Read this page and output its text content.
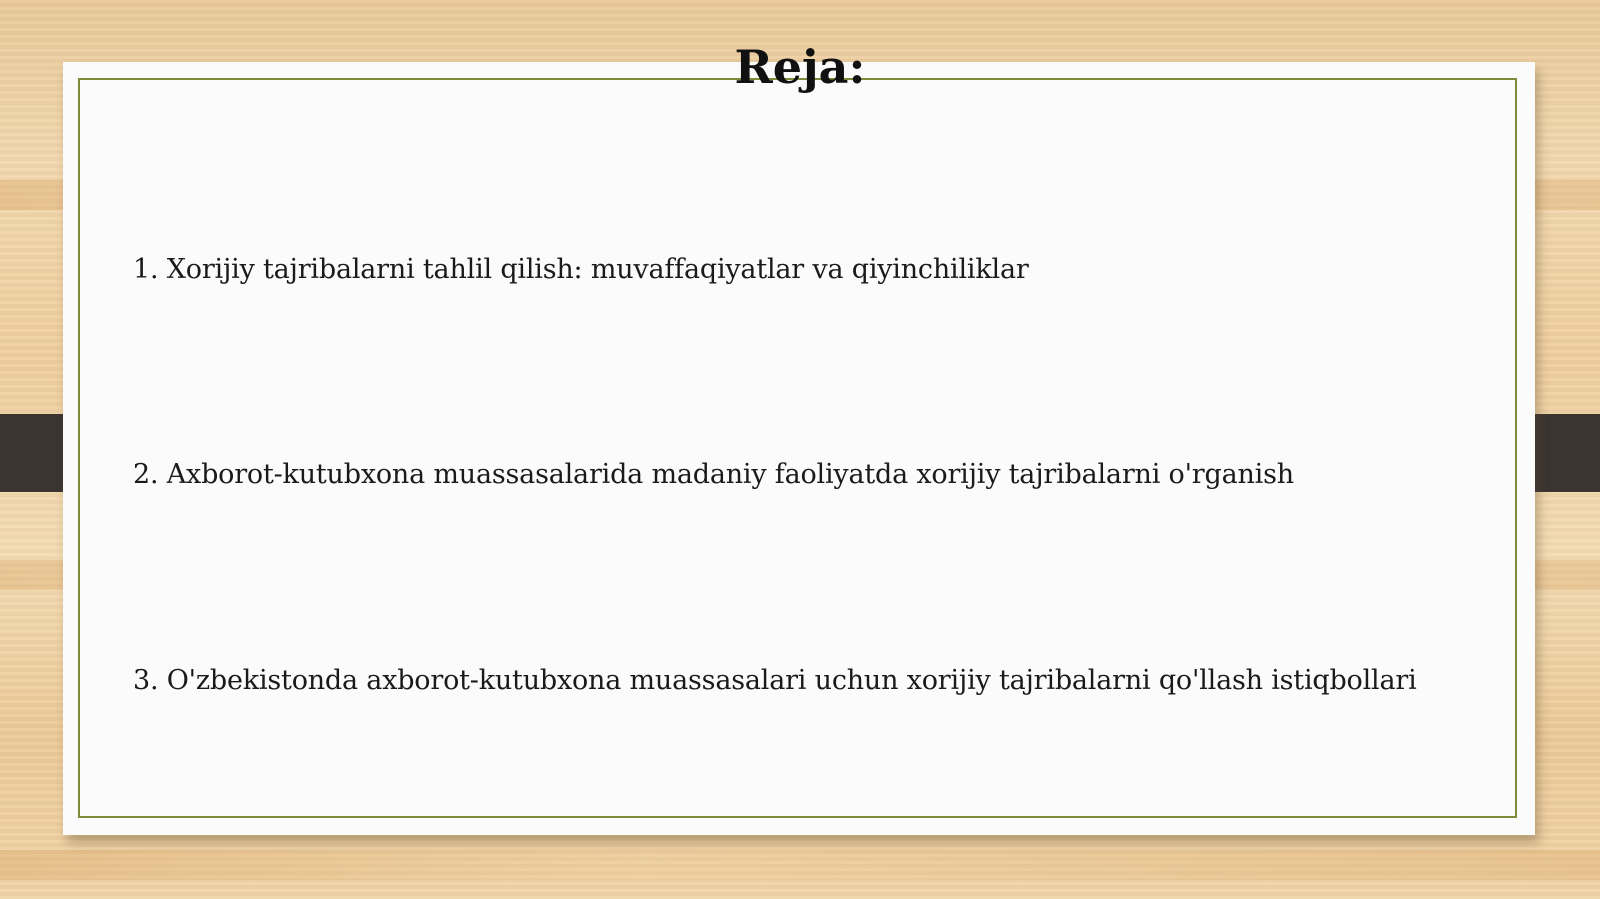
Reja:
1. Xorijiy tajribalarni tahlil qilish: muvaffaqiyatlar va qiyinchiliklar
2. Axborot-kutubxona muassasalarida madaniy faoliyatda xorijiy tajribalarni o'rganish
3. O'zbekistonda axborot-kutubxona muassasalari uchun xorijiy tajribalarni qo'llash istiqbollari
